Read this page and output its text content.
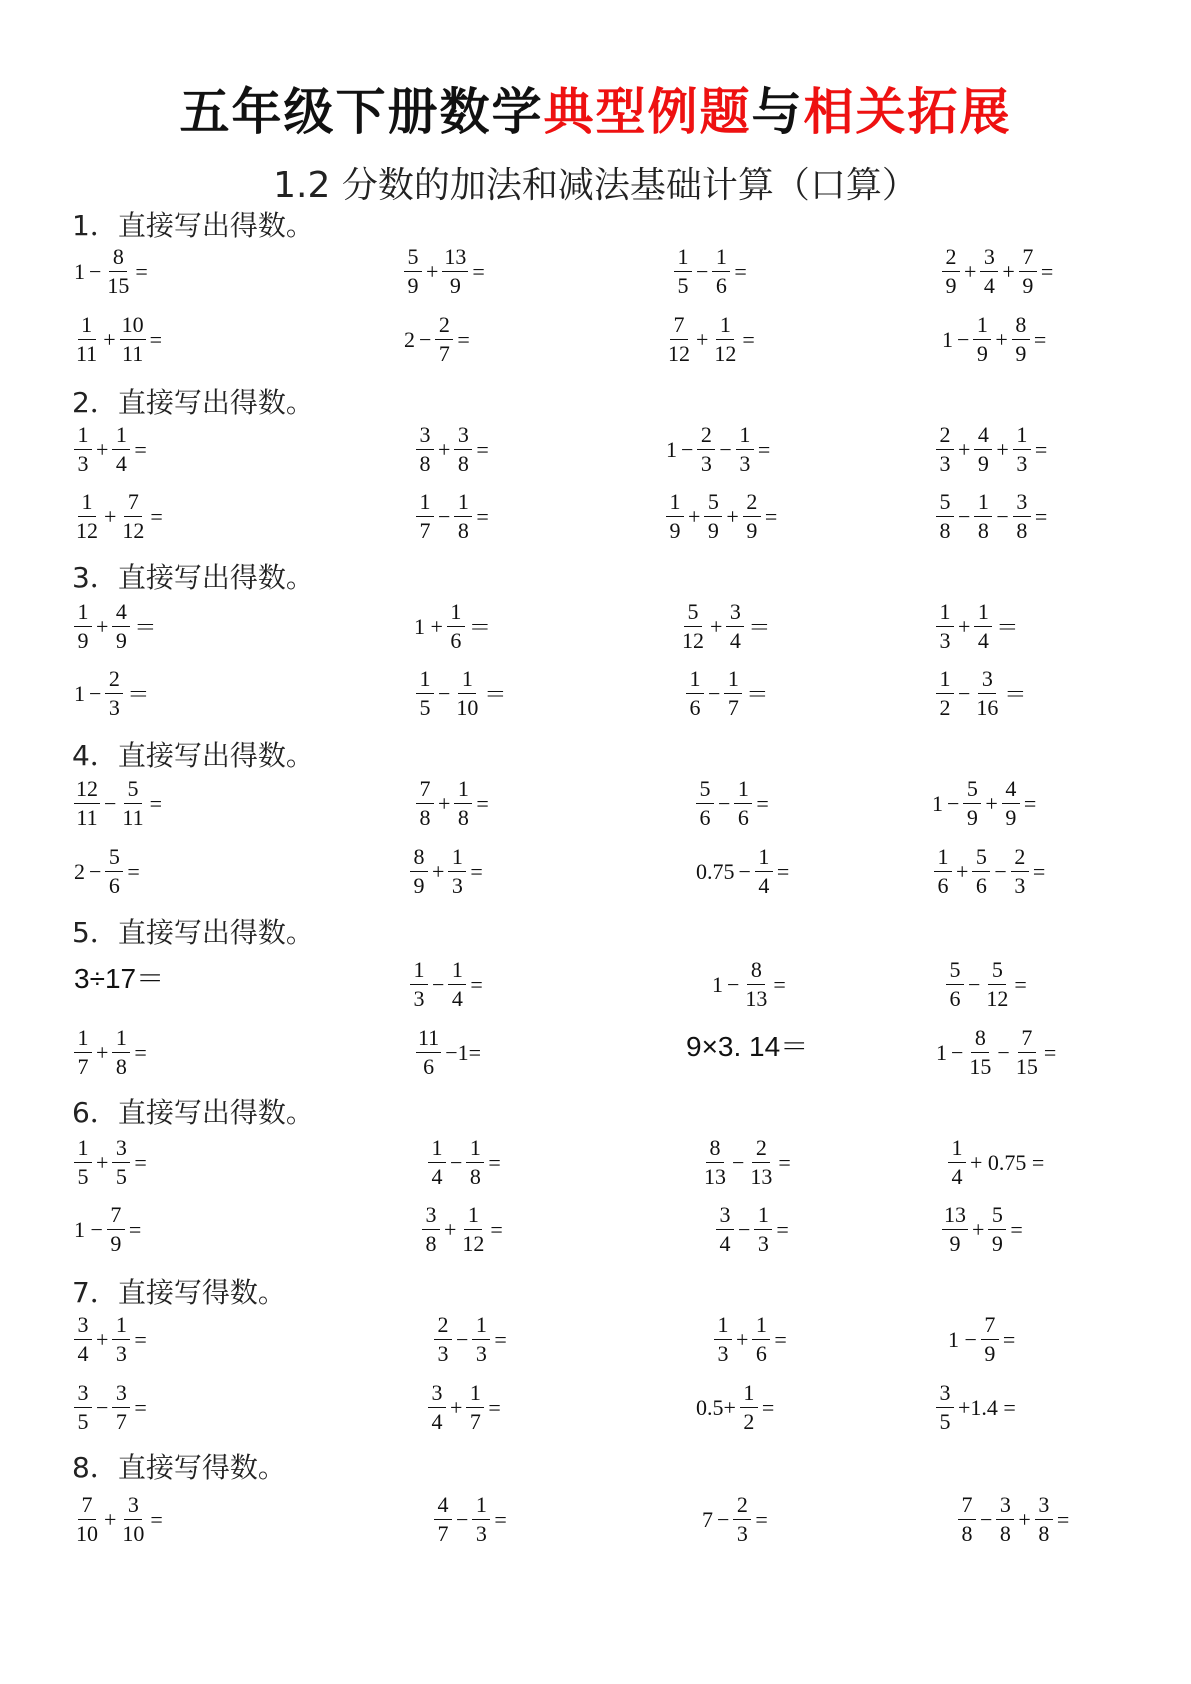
五年级下册数学典型例题与相关拓展
1.2 分数的加法和减法基础计算（口算）
1．直接写出得数。
$1 - \frac{8}{15}$ =	$\frac{5}{9} + \frac{13}{9}$ =	$\frac{1}{5} - \frac{1}{6}$ =	$\frac{2}{9} + \frac{3}{4} + \frac{7}{9}$ =
$\frac{1}{11} + \frac{10}{11}$ =	$2 - \frac{2}{7}$ =	$\frac{7}{12} + \frac{1}{12}$ =	$1 - \frac{1}{9} + \frac{8}{9}$ =
2．直接写出得数。
$\frac{1}{3} + \frac{1}{4}$ =	$\frac{3}{8} + \frac{3}{8}$ =	$1 - \frac{2}{3} - \frac{1}{3}$ =	$\frac{2}{3} + \frac{4}{9} + \frac{1}{3}$ =
$\frac{1}{12} + \frac{7}{12}$ =	$\frac{1}{7} - \frac{1}{8}$ =	$\frac{1}{9} + \frac{5}{9} + \frac{2}{9}$ =	$\frac{5}{8} - \frac{1}{8} - \frac{3}{8}$ =
3．直接写出得数。
$\frac{1}{9} + \frac{4}{9}$ ＝	$1 + \frac{1}{6}$ ＝	$\frac{5}{12} + \frac{3}{4}$ ＝	$\frac{1}{3} + \frac{1}{4}$ ＝
$1 - \frac{2}{3}$ ＝	$\frac{1}{5} - \frac{1}{10}$ ＝	$\frac{1}{6} - \frac{1}{7}$ ＝	$\frac{1}{2} - \frac{3}{16}$ ＝
4．直接写出得数。
$\frac{12}{11} - \frac{5}{11}$ =	$\frac{7}{8} + \frac{1}{8}$ =	$\frac{5}{6} - \frac{1}{6}$ =	$1 - \frac{5}{9} + \frac{4}{9}$ =
$2 - \frac{5}{6}$ =	$\frac{8}{9} + \frac{1}{3}$ =	$0.75 - \frac{1}{4}$ =	$\frac{1}{6} + \frac{5}{6} - \frac{2}{3}$ =
5．直接写出得数。
3÷17＝	$\frac{1}{3} - \frac{1}{4}$ =	$1 - \frac{8}{13}$ =	$\frac{5}{6} - \frac{5}{12}$ =
$\frac{1}{7} + \frac{1}{8}$ =	$\frac{11}{6} -1=$	9×3. 14＝	$1 - \frac{8}{15} - \frac{7}{15}$ =
6．直接写出得数。
$\frac{1}{5} + \frac{3}{5}$ =	$\frac{1}{4} - \frac{1}{8}$ =	$\frac{8}{13} - \frac{2}{13}$ =	$\frac{1}{4} + 0.75$ =
$1 - \frac{7}{9}$ =	$\frac{3}{8} + \frac{1}{12}$ =	$\frac{3}{4} - \frac{1}{3}$ =	$\frac{13}{9} + \frac{5}{9}$ =
7．直接写得数。
$\frac{3}{4} + \frac{1}{3}$ =	$\frac{2}{3} - \frac{1}{3}$ =	$\frac{1}{3} + \frac{1}{6}$ =	$1 - \frac{7}{9}$ =
$\frac{3}{5} - \frac{3}{7}$ =	$\frac{3}{4} + \frac{1}{7}$ =	$0.5+ \frac{1}{2}$ =	$\frac{3}{5} +1.4$ =
8．直接写得数。
$\frac{7}{10} + \frac{3}{10}$ =	$\frac{4}{7} - \frac{1}{3}$ =	$7 - \frac{2}{3}$ =	$\frac{7}{8} - \frac{3}{8} + \frac{3}{8}$ =
